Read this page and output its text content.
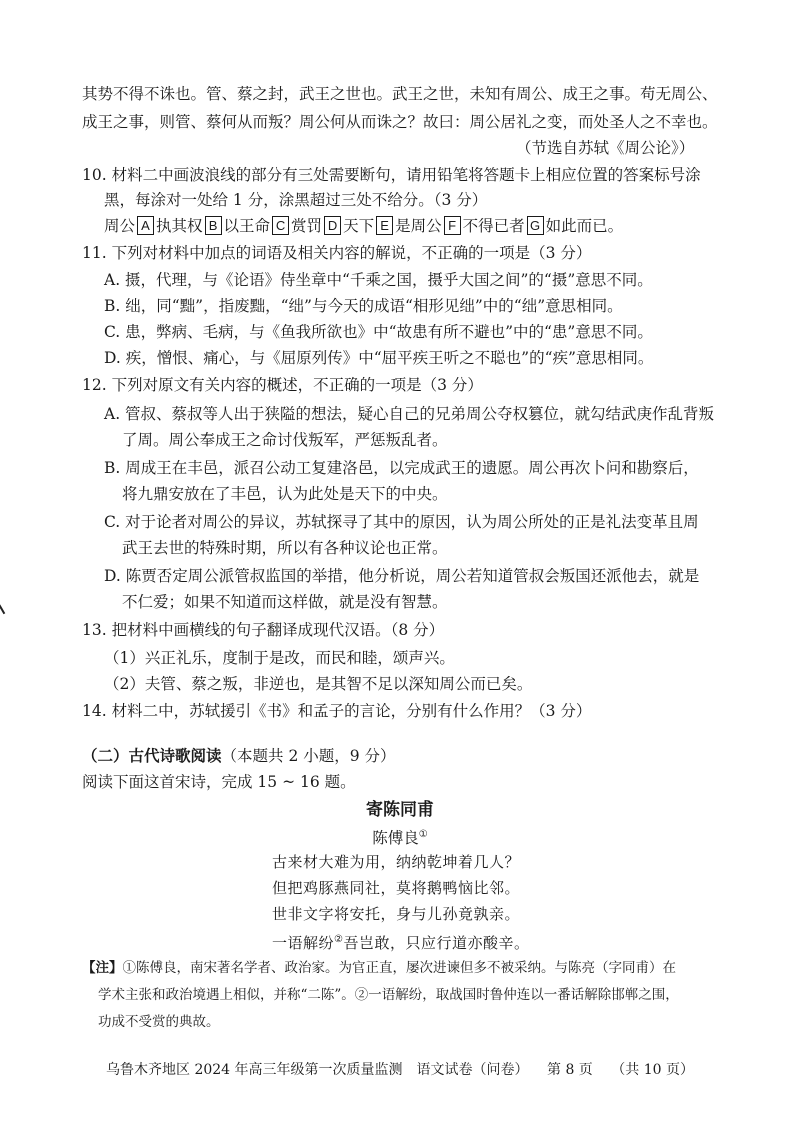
其势不得不诛也。管、蔡之封，武王之世也。武王之世，未知有周公、成王之事。苟无周公、
成王之事，则管、蔡何从而叛？周公何从而诛之？故曰：周公居礼之变，而处圣人之不幸也。
（节选自苏轼《周公论》）
10. 材料二中画波浪线的部分有三处需要断句，请用铅笔将答题卡上相应位置的答案标号涂
黑，每涂对一处给 1 分，涂黑超过三处不给分。（3 分）
周公 A 执其权 B 以王命 C 赏罚 D 天下 E 是周公 F 不得已者 G 如此而已。
11. 下列对材料中加点的词语及相关内容的解说，不正确的一项是（3 分）
A. 摄，代理，与《论语》侍坐章中“千乘之国，摄乎大国之间”的“摄”意思不同。
B. 绌，同“黜”，指废黜，“绌”与今天的成语“相形见绌”中的“绌”意思相同。
C. 患，弊病、毛病，与《鱼我所欲也》中“故患有所不避也”中的“患”意思不同。
D. 疾，憎恨、痛心，与《屈原列传》中“屈平疾王听之不聪也”的“疾”意思相同。
12. 下列对原文有关内容的概述，不正确的一项是（3 分）
A. 管叔、蔡叔等人出于狭隘的想法，疑心自己的兄弟周公夺权篡位，就勾结武庚作乱背叛
了周。周公奉成王之命讨伐叛军，严惩叛乱者。
B. 周成王在丰邑，派召公动工复建洛邑，以完成武王的遗愿。周公再次卜问和勘察后，
将九鼎安放在了丰邑，认为此处是天下的中央。
C. 对于论者对周公的异议，苏轼探寻了其中的原因，认为周公所处的正是礼法变革且周
武王去世的特殊时期，所以有各种议论也正常。
D. 陈贾否定周公派管叔监国的举措，他分析说，周公若知道管叔会叛国还派他去，就是
不仁爱；如果不知道而这样做，就是没有智慧。
13. 把材料中画横线的句子翻译成现代汉语。（8 分）
（1）兴正礼乐，度制于是改，而民和睦，颂声兴。
（2）夫管、蔡之叛，非逆也，是其智不足以深知周公而已矣。
14. 材料二中，苏轼援引《书》和孟子的言论，分别有什么作用？（3 分）
（二）古代诗歌阅读（本题共 2 小题，9 分）
阅读下面这首宋诗，完成 15 ~ 16 题。
寄陈同甫
陈傅良①
古来材大难为用，纳纳乾坤着几人？
但把鸡豚燕同社，莫将鹅鸭恼比邻。
世非文字将安托，身与儿孙竟孰亲。
一语解纷②吾岂敢，只应行道亦酸辛。
【注】①陈傅良，南宋著名学者、政治家。为官正直，屡次进谏但多不被采纳。与陈亮（字同甫）在
学术主张和政治境遇上相似，并称“二陈”。②一语解纷，取战国时鲁仲连以一番话解除邯郸之围，
功成不受赏的典故。
乌鲁木齐地区 2024 年高三年级第一次质量监测　语文试卷（问卷） 第 8 页 （共 10 页）
